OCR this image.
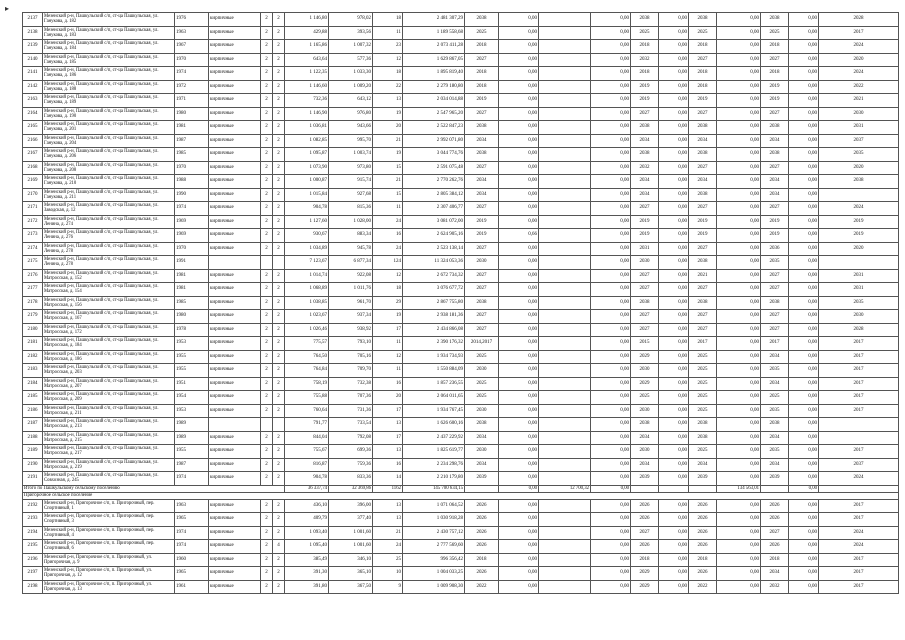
▸
2137	Мезенский р-н, Пашкульский с/п, ст-ца Пашкульская, ул. Ганукова, д. 182	1976	кирпичные	2	2	1 146,80	978,02	18	2 481 307,29	2038	0,00		0,00	2038	0,00	2038	0,00	2038	0,00	2028
2138	Мезенский р-н, Пашкульский с/п, ст-ца Пашкульская, ул. Ганукова, д. 183	1963	кирпичные	2	2	429,88	393,56	11	1 189 558,68	2025	0,00		0,00	2025	0,00	2025	0,00	2025	0,00	2017
2139	Мезенский р-н, Пашкульский с/п, ст-ца Пашкульская, ул. Ганукова, д. 184	1967	кирпичные	2	2	1 165,86	1 007,32	23	2 073 411,28	2018	0,00		0,00	2018	0,00	2018	0,00	2018	0,00	2024
2140	Мезенский р-н, Пашкульский с/п, ст-ца Пашкульская, ул. Ганукова, д. 185	1970	кирпичные	2	2	643,64	577,36	12	1 629 867,05	2027	0,00		0,00	2032	0,00	2027	0,00	2027	0,00	2020
2141	Мезенский р-н, Пашкульский с/п, ст-ца Пашкульская, ул. Ганукова, д. 186	1974	кирпичные	2	2	1 122,35	1 033,30	18	1 895 819,40	2018	0,00		0,00	2018	0,00	2018	0,00	2018	0,00	2024
2142	Мезенский р-н, Пашкульский с/п, ст-ца Пашкульская, ул. Ганукова, д. 188	1972	кирпичные	2	2	1 146,60	1 009,20	22	2 279 180,80	2018	0,00		0,00	2019	0,00	2018	0,00	2019	0,00	2022
2163	Мезенский р-н, Пашкульский с/п, ст-ца Пашкульская, ул. Ганукова, д. 189	1971	кирпичные	2	2	732,36	643,12	13	2 034 014,88	2019	0,00		0,00	2019	0,00	2019	0,00	2019	0,00	2021
2164	Мезенский р-н, Пашкульский с/п, ст-ца Пашкульская, ул. Ганукова, д. 190	1980	кирпичные	2	2	1 146,90	976,80	19	2 547 965,20	2027	0,00		0,00	2027	0,00	2027	0,00	2027	0,00	2030
2165	Мезенский р-н, Пашкульский с/п, ст-ца Пашкульская, ул. Ганукова, д. 201	1981	кирпичные	2	2	1 036,81	943,66	20	2 522 847,23	2038	0,00		0,00	2038	0,00	2038	0,00	2038	0,00	2031
2166	Мезенский р-н, Пашкульский с/п, ст-ца Пашкульская, ул. Ганукова, д. 204	1987	кирпичные	2	2	1 082,85	995,70	21	2 992 071,80	2034	0,00		0,00	2034	0,00	2034	0,00	2034	0,00	2037
2167	Мезенский р-н, Пашкульский с/п, ст-ца Пашкульская, ул. Ганукова, д. 206	1985	кирпичные	2	2	1 095,87	1 003,74	19	3 044 774,76	2038	0,00		0,00	2038	0,00	2038	0,00	2038	0,00	2035
2168	Мезенский р-н, Пашкульский с/п, ст-ца Пашкульская, ул. Ганукова, д. 208	1970	кирпичные	2	2	1 073,90	973,80	15	2 591 075,48	2027	0,00		0,00	2032	0,00	2027	0,00	2027	0,00	2020
2169	Мезенский р-н, Пашкульский с/п, ст-ца Пашкульская, ул. Ганукова, д. 210	1988	кирпичные	2	2	1 000,87	915,74	21	2 770 262,76	2034	0,00		0,00	2034	0,00	2034	0,00	2034	0,00	2038
2170	Мезенский р-н, Пашкульский с/п, ст-ца Пашкульская, ул. Ганукова, д. 211	1990	кирпичные	2	2	1 015,84	927,68	15	2 805 384,12	2034	0,00		0,00	2034	0,00	2038	0,00	2034	0,00	
2171	Мезенский р-н, Пашкульский с/п, ст-ца Пашкульская, ул. Заводская, д. 12	1974	кирпичные	2	2	904,78	815,36	11	2 307 406,77	2027	0,00		0,00	2027	0,00	2027	0,00	2027	0,00	2024
2172	Мезенский р-н, Пашкульский с/п, ст-ца Пашкульская, ул. Ленина, д. 274	1969	кирпичные	2	2	1 127,60	1 028,00	24	3 081 072,00	2019	0,00		0,00	2019	0,00	2019	0,00	2019	0,00	2019
2173	Мезенский р-н, Пашкульский с/п, ст-ца Пашкульская, ул. Ленина, д. 276	1969	кирпичные	2	2	930,67	883,34	16	2 624 905,16	2019	0,66		0,00	2019	0,00	2019	0,00	2019	0,00	2019
2174	Мезенский р-н, Пашкульский с/п, ст-ца Пашкульская, ул. Ленина, д. 278	1970	кирпичные	2	2	1 034,89	945,78	24	2 523 138,14	2027	0,00		0,00	2031	0,00	2027	0,00	2036	0,00	2020
2175	Мезенский р-н, Пашкульский с/п, ст-ца Пашкульская, ул. Ленина, д. 278	1991				7 123,67	6 877,34	124	11 324 053,36	2030	0,00		0,00	2030	0,00	2038	0,00	2035	0,00	
2176	Мезенский р-н, Пашкульский с/п, ст-ца Пашкульская, ул. Матросская, д. 152	1981	кирпичные	2	2	1 014,74	922,08	12	2 672 734,32	2027	0,00		0,00	2027	0,00	2021	0,00	2027	0,00	2031
2177	Мезенский р-н, Пашкульский с/п, ст-ца Пашкульская, ул. Матросская, д. 154	1981	кирпичные	2	2	1 068,89	1 011,76	18	3 076 677,72	2027	0,00		0,00	2027	0,00	2027	0,00	2027	0,00	2031
2178	Мезенский р-н, Пашкульский с/п, ст-ца Пашкульская, ул. Матросская, д. 156	1985	кирпичные	2	2	1 038,85	961,70	29	2 867 755,80	2038	0,00		0,00	2038	0,00	2038	0,00	2038	0,00	2035
2179	Мезенский р-н, Пашкульский с/п, ст-ца Пашкульская, ул. Матросская, д. 167	1980	кирпичные	2	2	1 023,67	937,34	19	2 938 181,36	2027	0,00		0,00	2027	0,00	2027	0,00	2027	0,00	2030
2180	Мезенский р-н, Пашкульский с/п, ст-ца Пашкульская, ул. Матросская, д. 172	1978	кирпичные	2	2	1 026,46	938,92	17	2 434 866,08	2027	0,00		0,00	2027	0,00	2027	0,00	2027	0,00	2028
2181	Мезенский р-н, Пашкульский с/п, ст-ца Пашкульская, ул. Матросская, д. 184	1953	кирпичные	2	2	775,57	793,10	11	2 390 176,32	2014,2017	0,00		0,00	2015	0,00	2017	0,00	2017	0,00	2017
2182	Мезенский р-н, Пашкульский с/п, ст-ца Пашкульская, ул. Матросская, д. 186	1955	кирпичные	2	2	764,50	705,16	12	1 934 734,93	2025	0,00		0,00	2029	0,00	2025	0,00	2034	0,00	2017
2183	Мезенский р-н, Пашкульский с/п, ст-ца Пашкульская, ул. Матросская, д. 203	1955	кирпичные	2	2	764,84	709,70	11	1 550 884,09	2030	0,00		0,00	2030	0,00	2025	0,00	2035	0,00	2017
2184	Мезенский р-н, Пашкульский с/п, ст-ца Пашкульская, ул. Матросская, д. 207	1951	кирпичные	2	2	758,19	732,38	16	1 857 236,55	2025	0,00		0,00	2029	0,00	2025	0,00	2034	0,00	2017
2185	Мезенский р-н, Пашкульский с/п, ст-ца Пашкульская, ул. Матросская, д. 209	1954	кирпичные	2	2	755,88	707,36	20	2 064 011,65	2025	0,00		0,00	2025	0,00	2025	0,00	2025	0,00	2017
2186	Мезенский р-н, Пашкульский с/п, ст-ца Пашкульская, ул. Матросская, д. 211	1953	кирпичные	2	2	760,64	731,36	17	1 934 767,45	2030	0,00		0,00	2030	0,00	2025	0,00	2035	0,00	2017
2187	Мезенский р-н, Пашкульский с/п, ст-ца Пашкульская, ул. Матросская, д. 213	1989				791,77	733,54	13	1 626 600,16	2038	0,00		0,00	2038	0,00	2038	0,00	2038	0,00	
2188	Мезенский р-н, Пашкульский с/п, ст-ца Пашкульская, ул. Матросская, д. 215	1989	кирпичные	2	2	844,04	792,08	17	2 437 229,92	2034	0,00		0,00	2034	0,00	2038	0,00	2034	0,00	
2189	Мезенский р-н, Пашкульский с/п, ст-ца Пашкульская, ул. Матросская, д. 217	1955	кирпичные	2	2	755,67	699,36	13	1 825 619,77	2030	0,00		0,00	2030	0,00	2025	0,00	2035	0,00	2017
2190	Мезенский р-н, Пашкульский с/п, ст-ца Пашкульская, ул. Матросская, д. 219	1987	кирпичные	2	2	816,87	759,36	16	2 234 298,76	2034	0,00		0,00	2034	0,00	2034	0,00	2034	0,00	2037
2191	Мезенский р-н, Пашкульский с/п, ст-ца Пашкульская, ул. Совхозная, д. 245	1974	кирпичные	2	2	904,78	833,36	14	2 210 179,80	2039	0,00		0,00	2039	0,00	2039	0,00	2039	0,00	2024
Итого по Пашкульскому сельскому поселению						36 337,74	32 369,86	1162	145 700 634,15		0,00	12 700,32	0,00				134 563,01		0,00	
Пригорочное сельское поселение																				
2192	Мезенский р-н, Пригорочное с/п, п. Пригорочный, пер. Спортивный, 1	1963	кирпичные	2	2	436,10	396,00	13	1 071 064,52	2026	0,00		0,00	2026	0,00	2026	0,00	2026	0,00	2017
2193	Мезенский р-н, Пригорочное с/п, п. Пригорочный, пер. Спортивный, 3	1965	кирпичные	2	2	409,79	377,40	13	1 030 918,28	2026	0,00		0,00	2026	0,00	2026	0,00	2026	0,00	2017
2194	Мезенский р-н, Пригорочное с/п, п. Пригорочный, пер. Спортивный, 4	1974	кирпичные	2	2	1 093,40	1 001,60	21	2 430 757,12	2026	0,00		0,00	2027	0,00	2026	0,00	2027	0,00	2024
2195	Мезенский р-н, Пригорочное с/п, п. Пригорочный, пер. Спортивный, 6	1974	кирпичные	2	4	1 095,40	1 001,60	24	2 777 569,60	2026	0,00		0,00	2026	0,00	2026	0,00	2026	0,00	2024
2196	Мезенский р-н, Пригорочное с/п, п. Пригорочный, ул. Пригорочная, д. 9	1960	кирпичные	2	2	385,49	346,10	25	996 356,42	2018	0,00		0,00	2018	0,00	2018	0,00	2018	0,00	2017
2197	Мезенский р-н, Пригорочное с/п, п. Пригорочный, ул. Пригорочная, д. 12	1965	кирпичные	2	2	391,30	365,10	10	1 004 033,25	2026	0,00		0,00	2029	0,00	2026	0,00	2034	0,00	2017
2198	Мезенский р-н, Пригорочное с/п, п. Пригорочный, ул. Пригорочная, д. 13	1961	кирпичные	2	2	391,80	367,50	9	1 009 908,30	2022	0,00		0,00	2029	0,00	2022	0,00	2032	0,00	2017
